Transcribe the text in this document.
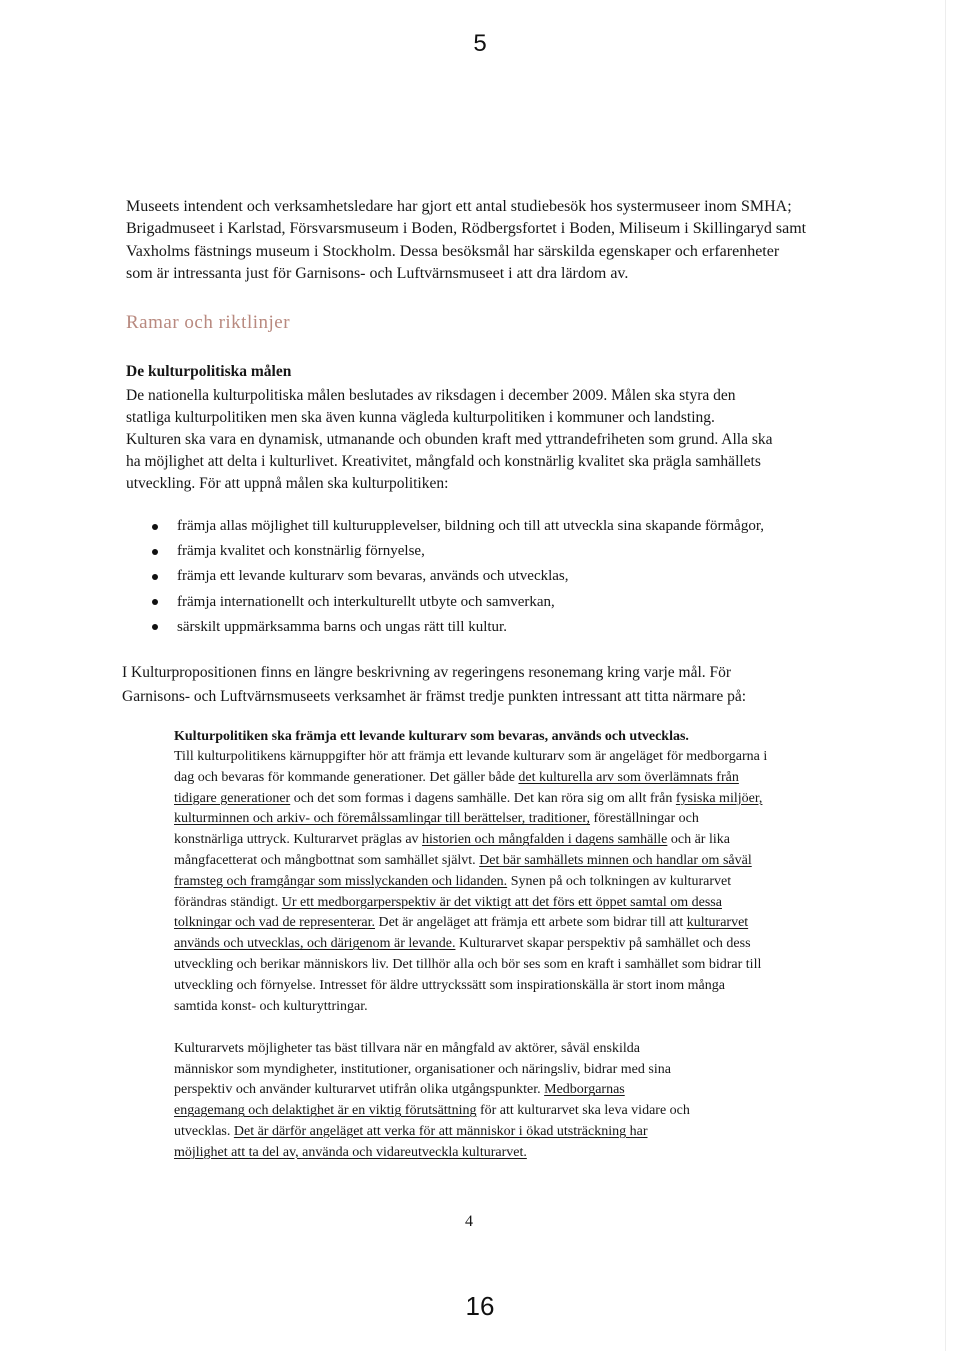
5
Museets intendent och verksamhetsledare har gjort ett antal studiebesök hos systermuseer inom SMHA;
Brigadmuseet i Karlstad, Försvarsmuseum i Boden, Rödbergsfortet i Boden, Miliseum i Skillingaryd samt
Vaxholms fästnings museum i Stockholm. Dessa besöksmål har särskilda egenskaper och erfarenheter
som är intressanta just för Garnisons- och Luftvärnsmuseet i att dra lärdom av.
Ramar och riktlinjer
De kulturpolitiska målen
De nationella kulturpolitiska målen beslutades av riksdagen i december 2009. Målen ska styra den
statliga kulturpolitiken men ska även kunna vägleda kulturpolitiken i kommuner och landsting.
Kulturen ska vara en dynamisk, utmanande och obunden kraft med yttrandefriheten som grund. Alla ska
ha möjlighet att delta i kulturlivet. Kreativitet, mångfald och konstnärlig kvalitet ska prägla samhällets
utveckling. För att uppnå målen ska kulturpolitiken:
främja allas möjlighet till kulturupplevelser, bildning och till att utveckla sina skapande förmågor,
främja kvalitet och konstnärlig förnyelse,
främja ett levande kulturarv som bevaras, används och utvecklas,
främja internationellt och interkulturellt utbyte och samverkan,
särskilt uppmärksamma barns och ungas rätt till kultur.
I Kulturpropositionen finns en längre beskrivning av regeringens resonemang kring varje mål. För
Garnisons- och Luftvärnsmuseets verksamhet är främst tredje punkten intressant att titta närmare på:
Kulturpolitiken ska främja ett levande kulturarv som bevaras, används och utvecklas.
Till kulturpolitikens kärnuppgifter hör att främja ett levande kulturarv som är angeläget för medborgarna i
dag och bevaras för kommande generationer. Det gäller både det kulturella arv som överlämnats från
tidigare generationer och det som formas i dagens samhälle. Det kan röra sig om allt från fysiska miljöer,
kulturminnen och arkiv- och föremålssamlingar till berättelser, traditioner, föreställningar och
konstnärliga uttryck. Kulturarvet präglas av historien och mångfalden i dagens samhälle och är lika
mångfacetterat och mångbottnat som samhället självt. Det bär samhällets minnen och handlar om såväl
framsteg och framgångar som misslyckanden och lidanden. Synen på och tolkningen av kulturarvet
förändras ständigt. Ur ett medborgarperspektiv är det viktigt att det förs ett öppet samtal om dessa
tolkningar och vad de representerar. Det är angeläget att främja ett arbete som bidrar till att kulturarvet
används och utvecklas, och därigenom är levande. Kulturarvet skapar perspektiv på samhället och dess
utveckling och berikar människors liv. Det tillhör alla och bör ses som en kraft i samhället som bidrar till
utveckling och förnyelse. Intresset för äldre uttryckssätt som inspirationskälla är stort inom många
samtida konst- och kulturyttringar.
Kulturarvets möjligheter tas bäst tillvara när en mångfald av aktörer, såväl enskilda
människor som myndigheter, institutioner, organisationer och näringsliv, bidrar med sina
perspektiv och använder kulturarvet utifrån olika utgångspunkter. Medborgarnas
engagemang och delaktighet är en viktig förutsättning för att kulturarvet ska leva vidare och
utvecklas. Det är därför angeläget att verka för att människor i ökad utsträckning har
möjlighet att ta del av, använda och vidareutveckla kulturarvet.
4
16
